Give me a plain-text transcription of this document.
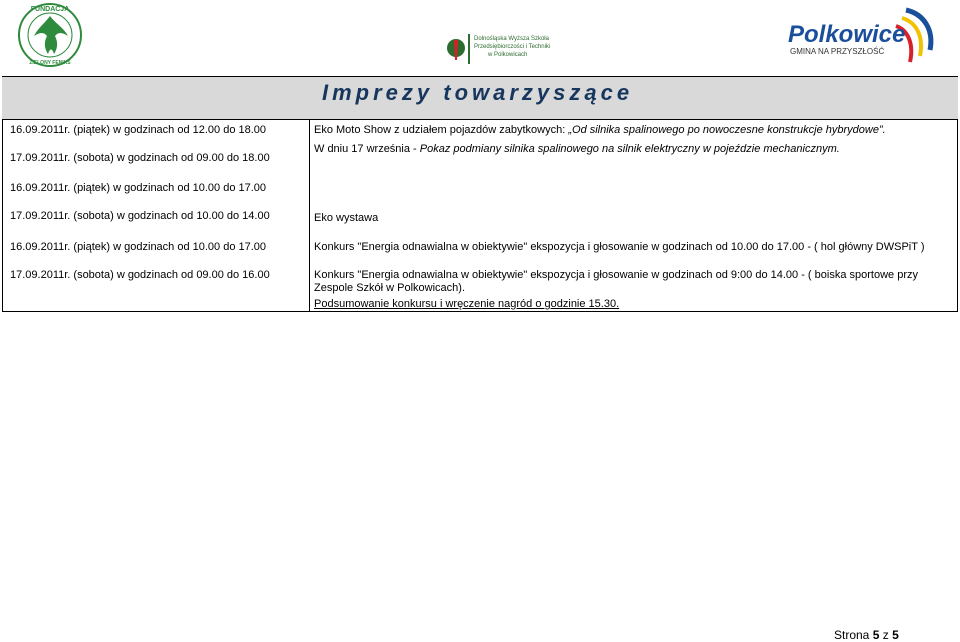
FUNDACJA
ZIELONY FENIKS
Dolnośląska Wyższa Szkoła
Przedsiębiorczości i Techniki
w Polkowicach
Polkowice
GMINA NA PRZYSZŁOŚĆ
Imprezy towarzyszące
16.09.2011r. (piątek) w godzinach od 12.00 do 18.00
17.09.2011r. (sobota) w godzinach od 09.00 do 18.00
16.09.2011r. (piątek) w godzinach od 10.00 do 17.00
17.09.2011r. (sobota) w godzinach od 10.00 do 14.00
16.09.2011r. (piątek) w godzinach od 10.00 do 17.00
17.09.2011r. (sobota) w godzinach od 09.00 do 16.00
Eko Moto Show z udziałem pojazdów zabytkowych: „Od silnika spalinowego po nowoczesne konstrukcje hybrydowe”.
W dniu 17 września - Pokaz podmiany silnika spalinowego na silnik elektryczny w pojeździe mechanicznym.
Eko wystawa
Konkurs "Energia odnawialna w obiektywie" ekspozycja i głosowanie w godzinach od 10.00 do 17.00 - ( hol główny DWSPiT )
Konkurs "Energia odnawialna w obiektywie" ekspozycja i głosowanie w godzinach od 9:00 do 14.00 - ( boiska sportowe przy Zespole Szkół w Polkowicach).
Podsumowanie konkursu i wręczenie nagród o godzinie 15.30.
Strona 5 z 5
